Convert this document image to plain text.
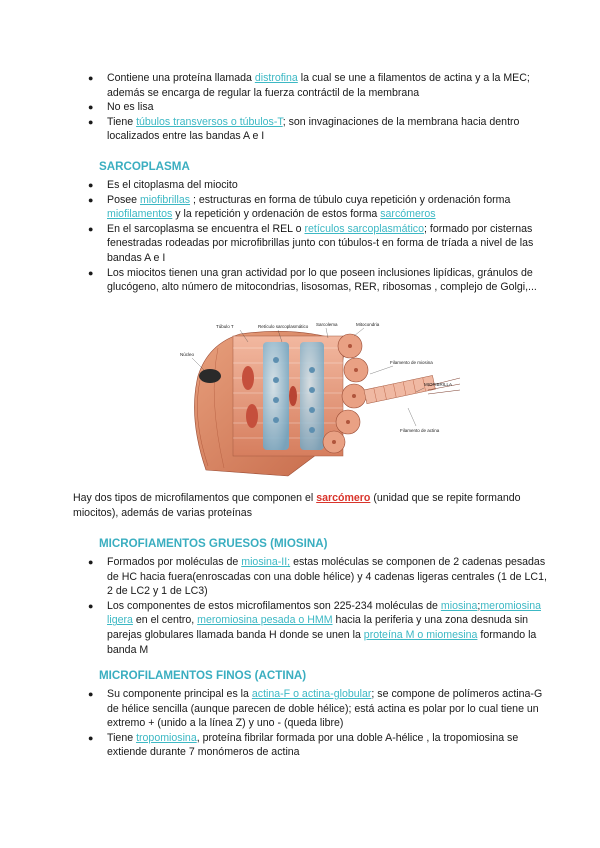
● Contiene una proteína llamada distrofina la cual se une a filamentos de actina y a la MEC; además se encarga de regular la fuerza contráctil de la membrana
● No es lisa
● Tiene túbulos transversos o túbulos-T; son invaginaciones de la membrana hacia dentro localizados entre las bandas A e I
SARCOPLASMA
● Es el citoplasma del miocito
● Posee miofibrillas ; estructuras en forma de túbulo cuya repetición y ordenación forma miofilamentos y la repetición y ordenación de estos forma sarcómeros
● En el sarcoplasma se encuentra el REL o retículos sarcoplasmático; formado por cisternas fenestradas rodeadas por microfibrillas junto con túbulos-t en forma de tríada a nivel de las bandas A e I
● Los miocitos tienen una gran actividad por lo que poseen inclusiones lipídicas, gránulos de glucógeno, alto número de mitocondrias, lisosomas, RER, ribosomas , complejo de Golgi,...
Túbulo T	Retículo sarcoplasmático Sarcolema	Mitocondria
Núcleo
Filamento de miosina
MIOFIBRILLA
Filamento de actina

Hay dos tipos de microfilamentos que componen el sarcómero (unidad que se repite formando miocitos), además de varias proteínas

MICROFIAMENTOS GRUESOS (MIOSINA)
● Formados por moléculas de miosina-II; estas moléculas se componen de 2 cadenas pesadas de HC hacia fuera(enroscadas con una doble hélice) y 4 cadenas ligeras centrales (1 de LC1, 2 de LC2 y 1 de LC3)
● Los componentes de estos microfilamentos son 225-234 moléculas de miosina;meromiosina ligera en el centro, meromiosina pesada o HMM hacia la periferia y una zona desnuda sin parejas globulares llamada banda H donde se unen la proteína M o miomesina formando la banda M
MICROFILAMENTOS FINOS (ACTINA)
● Su componente principal es la actina-F o actina-globular; se compone de polímeros actina-G de hélice sencilla (aunque parecen de doble hélice); está actina es polar por lo cual tiene un extremo + (unido a la línea Z) y uno - (queda libre)
● Tiene tropomiosina, proteína fibrilar formada por una doble A-hélice , la tropomiosina se extiende durante 7 monómeros de actina
